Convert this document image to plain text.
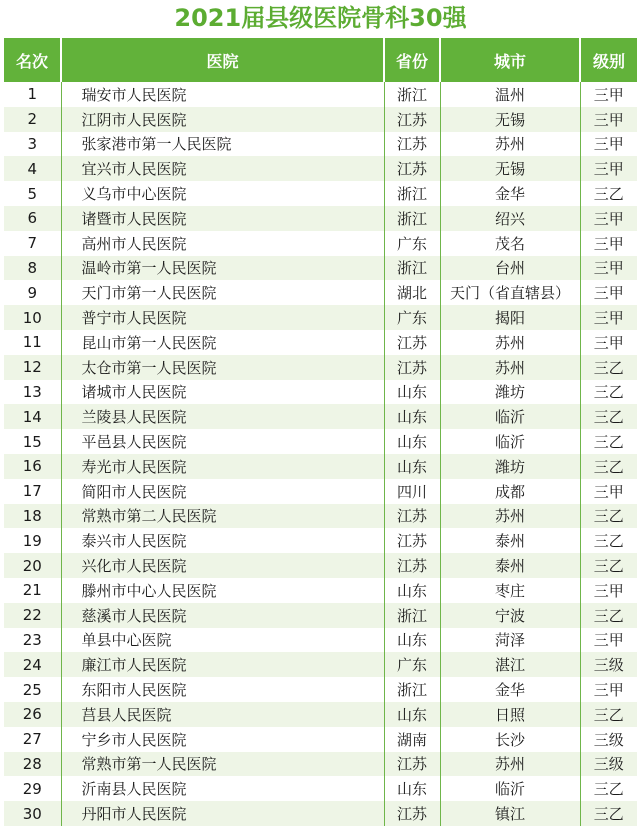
2021届县级医院骨科30强
名次	医院	省份	城市	级别
1	瑞安市人民医院	浙江	温州	三甲
2	江阴市人民医院	江苏	无锡	三甲
3	张家港市第一人民医院	江苏	苏州	三甲
4	宜兴市人民医院	江苏	无锡	三甲
5	义乌市中心医院	浙江	金华	三乙
6	诸暨市人民医院	浙江	绍兴	三甲
7	高州市人民医院	广东	茂名	三甲
8	温岭市第一人民医院	浙江	台州	三甲
9	天门市第一人民医院	湖北	天门（省直辖县）	三甲
10	普宁市人民医院	广东	揭阳	三甲
11	昆山市第一人民医院	江苏	苏州	三甲
12	太仓市第一人民医院	江苏	苏州	三乙
13	诸城市人民医院	山东	潍坊	三乙
14	兰陵县人民医院	山东	临沂	三乙
15	平邑县人民医院	山东	临沂	三乙
16	寿光市人民医院	山东	潍坊	三乙
17	简阳市人民医院	四川	成都	三甲
18	常熟市第二人民医院	江苏	苏州	三乙
19	泰兴市人民医院	江苏	泰州	三乙
20	兴化市人民医院	江苏	泰州	三乙
21	滕州市中心人民医院	山东	枣庄	三甲
22	慈溪市人民医院	浙江	宁波	三乙
23	单县中心医院	山东	菏泽	三甲
24	廉江市人民医院	广东	湛江	三级
25	东阳市人民医院	浙江	金华	三甲
26	莒县人民医院	山东	日照	三乙
27	宁乡市人民医院	湖南	长沙	三级
28	常熟市第一人民医院	江苏	苏州	三级
29	沂南县人民医院	山东	临沂	三乙
30	丹阳市人民医院	江苏	镇江	三乙
